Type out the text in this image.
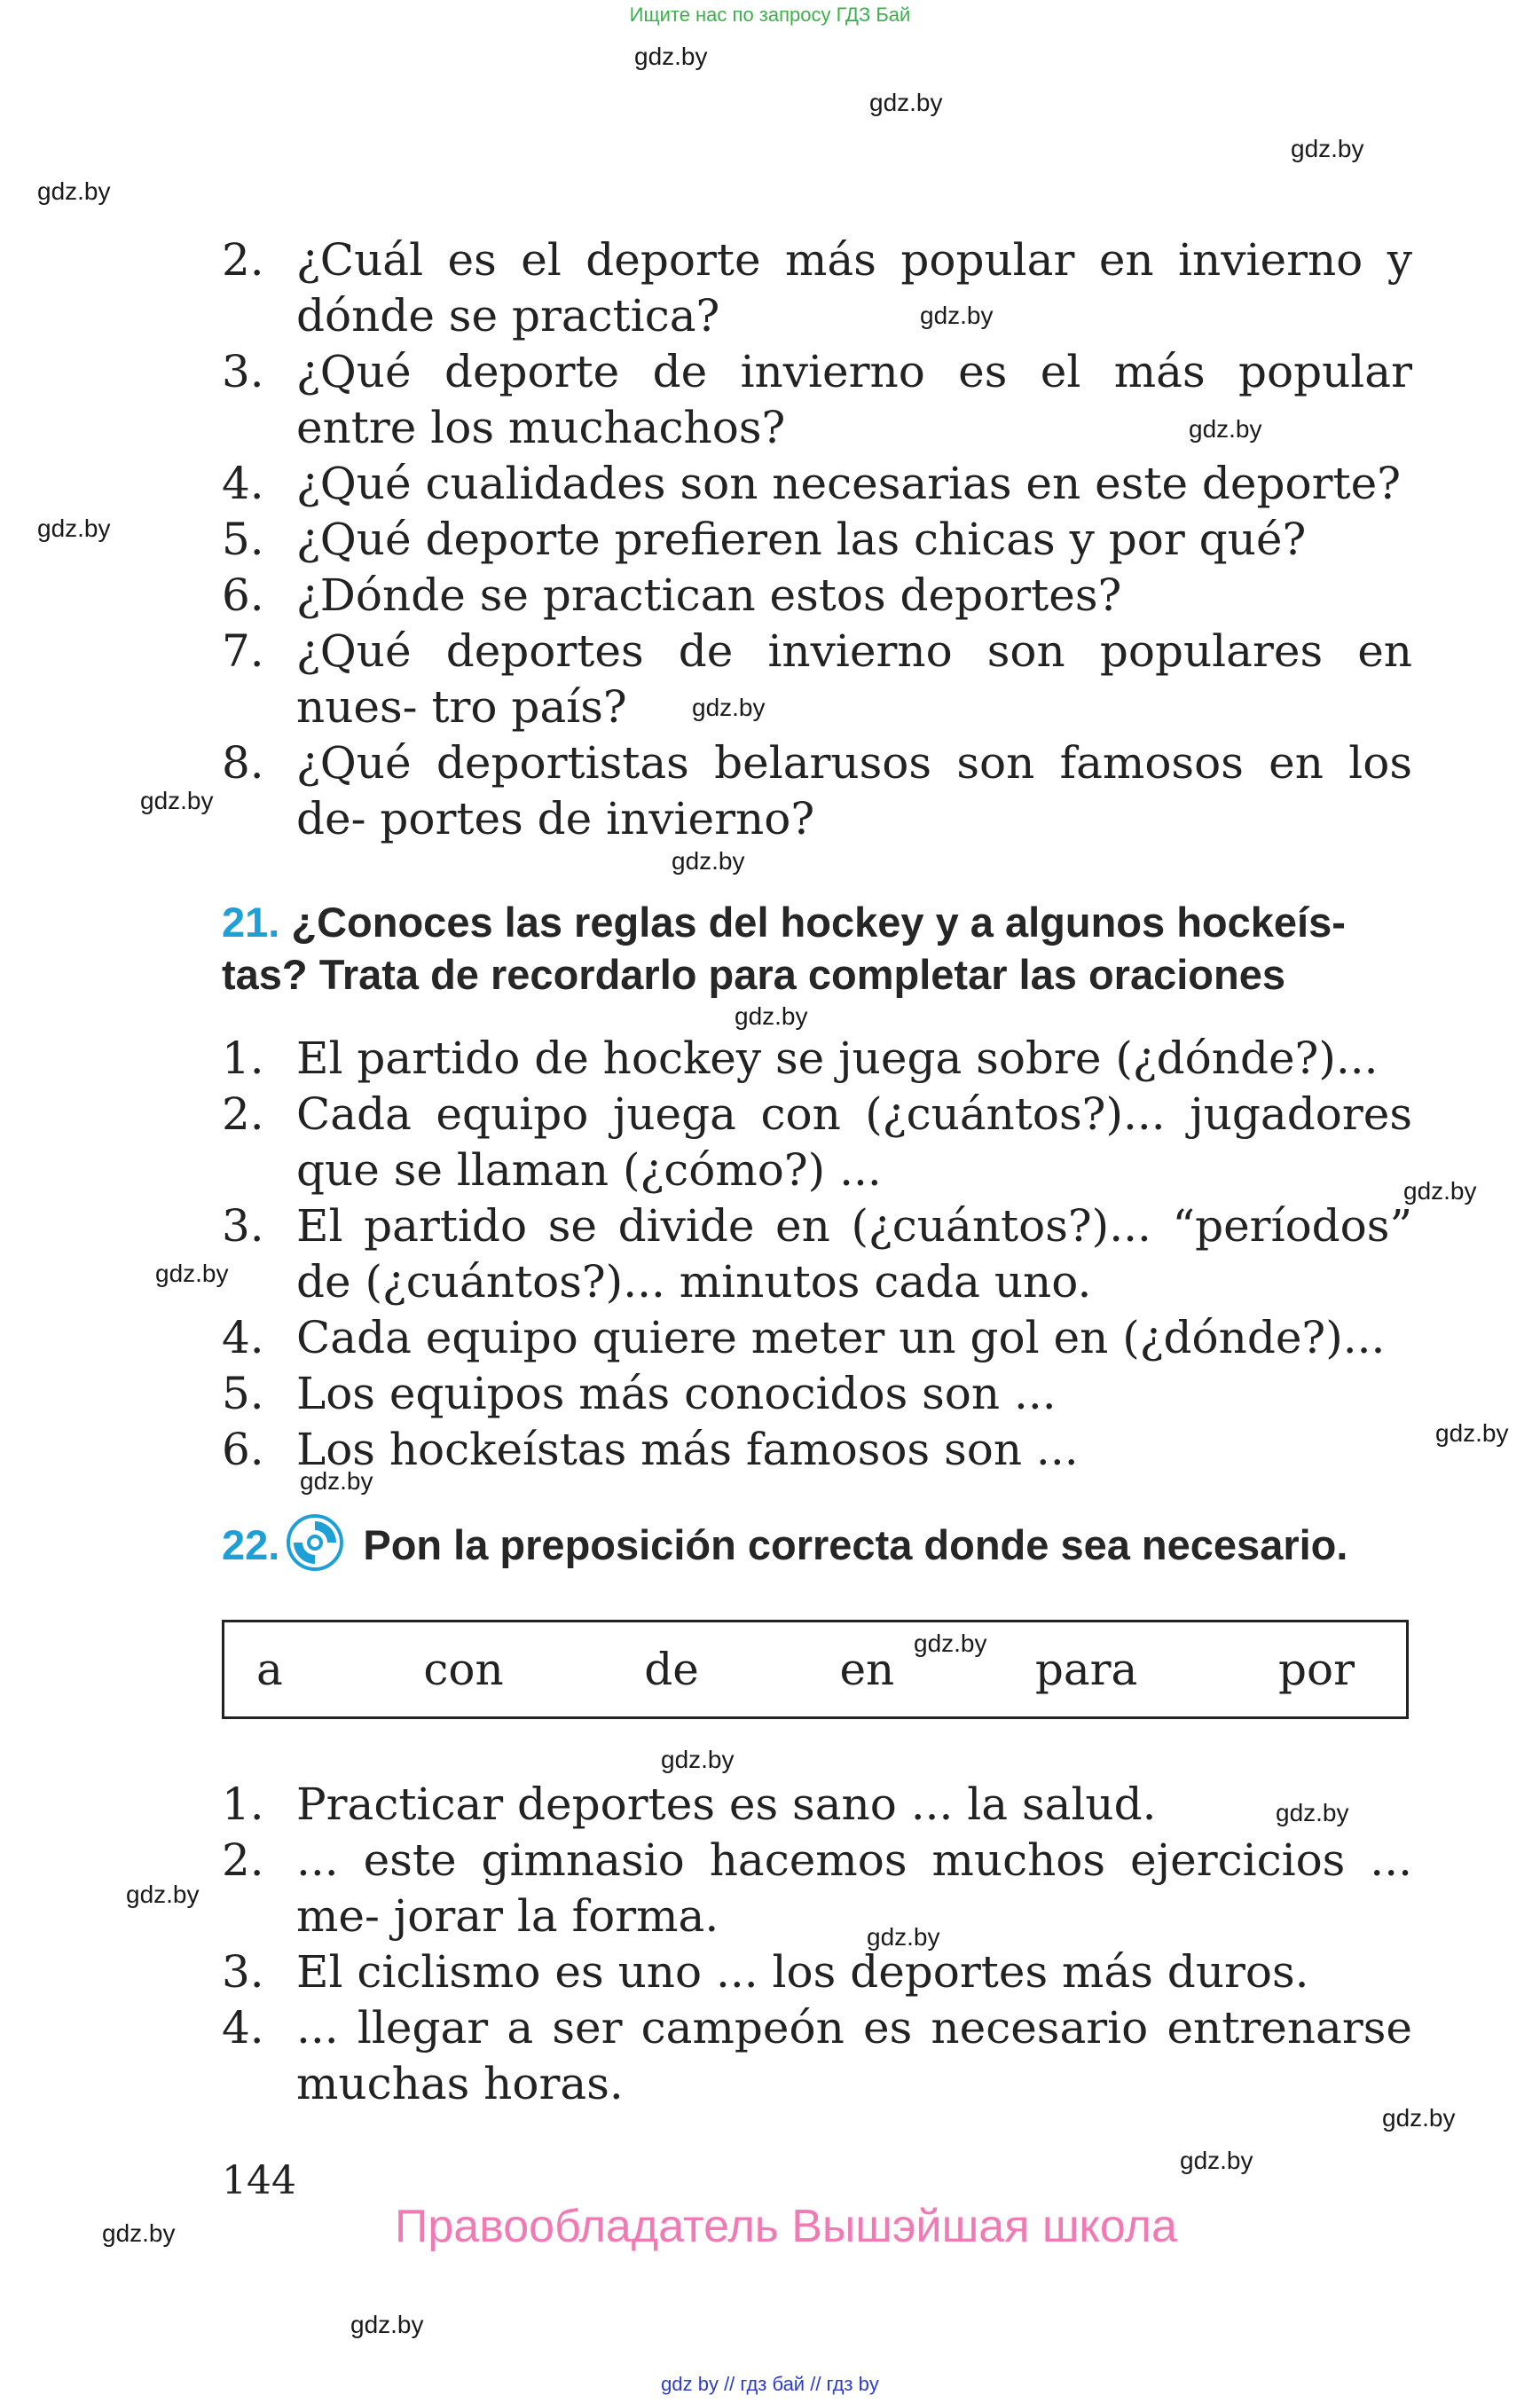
Ищите нас по запросу ГДЗ Бай
gdz.by
gdz.by
gdz.by
gdz.by
gdz.by
gdz.by
gdz.by
gdz.by
gdz.by
gdz.by
gdz.by
gdz.by
gdz.by
gdz.by
gdz.by
gdz.by
gdz.by
gdz.by
gdz.by
gdz.by
gdz.by
gdz.by
gdz.by
gdz.by
2. ¿Cuál es el deporte más popular en invierno y dónde se practica?
3. ¿Qué deporte de invierno es el más popular entre los muchachos?
4. ¿Qué cualidades son necesarias en este deporte?
5. ¿Qué deporte prefieren las chicas y por qué?
6. ¿Dónde se practican estos deportes?
7. ¿Qué deportes de invierno son populares en nues- tro país?
8. ¿Qué deportistas belarusos son famosos en los de- portes de invierno?
21. ¿Conoces las reglas del hockey y a algunos hockeís- tas? Trata de recordarlo para completar las oraciones
1. El partido de hockey se juega sobre (¿dónde?)...
2. Cada equipo juega con (¿cuántos?)... jugadores que se llaman (¿cómo?) ...
3. El partido se divide en (¿cuántos?)... “períodos” de (¿cuántos?)... minutos cada uno.
4. Cada equipo quiere meter un gol en (¿dónde?)...
5. Los equipos más conocidos son ...
6. Los hockeístas más famosos son ...
22. Pon la preposición correcta donde sea necesario.
a	con	de	en	para	por
1. Practicar deportes es sano ... la salud.
2. ... este gimnasio hacemos muchos ejercicios ... me- jorar la forma.
3. El ciclismo es uno ... los deportes más duros.
4. ... llegar a ser campeón es necesario entrenarse muchas horas.
144
Правообладатель Вышэйшая школа
gdz by // гдз бай // гдз by
